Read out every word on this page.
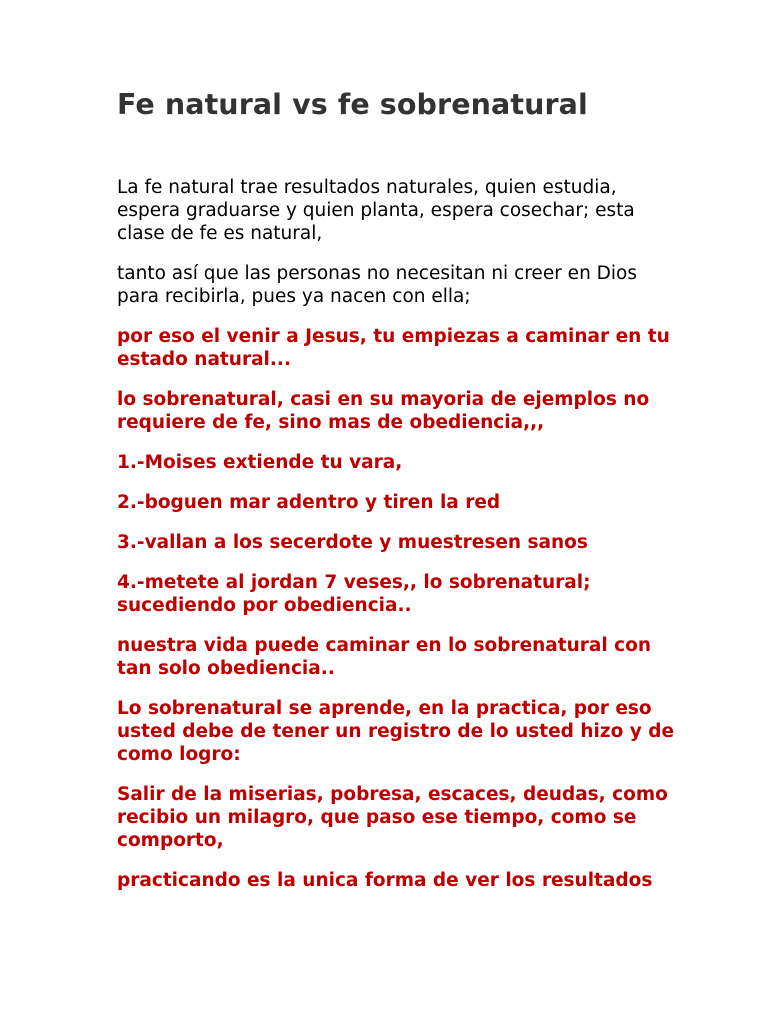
Fe natural vs fe sobrenatural

La fe natural trae resultados naturales, quien estudia, espera graduarse y quien planta, espera cosechar; esta clase de fe es natural,

tanto así que las personas no necesitan ni creer en Dios para recibirla, pues ya nacen con ella;

por eso el venir a Jesus, tu empiezas a caminar en tu estado natural...

lo sobrenatural, casi en su mayoria de ejemplos no requiere de fe, sino mas de obediencia,,,

1.-Moises extiende tu vara,

2.-boguen mar adentro y tiren la red

3.-vallan a los secerdote y muestresen sanos

4.-metete al jordan 7 veses,, lo sobrenatural; sucediendo por obediencia..

nuestra vida puede caminar en lo sobrenatural con tan solo obediencia..

Lo sobrenatural se aprende, en la practica, por eso usted debe de tener un registro de lo usted hizo y de como logro:

Salir de la miserias, pobresa, escaces, deudas, como recibio un milagro, que paso ese tiempo, como se comporto,

practicando es la unica forma de ver los resultados
